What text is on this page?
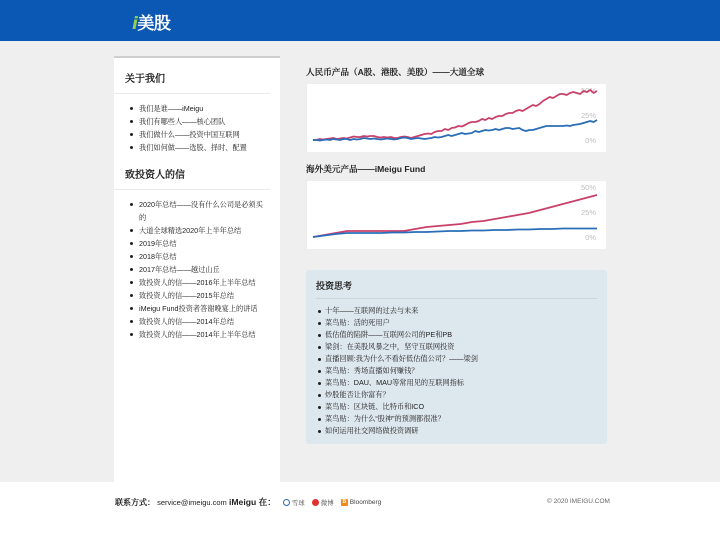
i美股
关于我们
我们是谁——iMeigu
我们有哪些人——核心团队
我们做什么——投资中国互联网
我们如何做——选股、择时、配置
致投资人的信
2020年总结——没有什么公司是必须买的
大道全球精选2020年上半年总结
2019年总结
2018年总结
2017年总结——越过山丘
致投资人的信——2016年上半年总结
致投资人的信——2015年总结
iMeigu Fund投资者答谢晚宴上的讲话
致投资人的信——2014年总结
致投资人的信——2014年上半年总结
人民币产品（A股、港股、美股）——大道全球
0%
25%
50%
海外美元产品——iMeigu Fund
0%
25%
50%
投资思考
十年——互联网的过去与未来
菜鸟贴：活的死用户
低估值的陷阱——互联网公司的PE和PB
梁剑：在美股风暴之中，坚守互联网投资
直播回顾:我为什么不看好低估值公司？——梁剑
菜鸟贴：秀场直播如何赚钱？
菜鸟贴：DAU、MAU等常用见的互联网指标
炒股能否让你富有？
菜鸟贴：区块链、比特币和ICO
菜鸟贴：为什么“股神”的预测都很准？
如何运用社交网络做投资调研
联系方式： service@imeigu.com iMeigu 在： 雪球 微博	B Bloomberg	© 2020 IMEIGU.COM
